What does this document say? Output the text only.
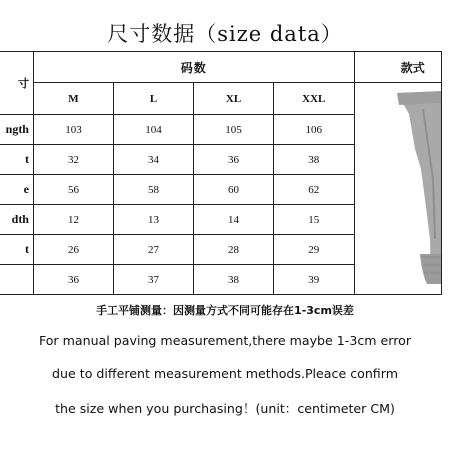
尺寸数据（size data）
寸	码数				款式
	M	L	XL	XXL	

ngth	103	104	105	106	
t	32	34	36	38	
e	56	58	60	62	
dth	12	13	14	15	
t	26	27	28	29	
	36	37	38	39	
手工平铺测量：因测量方式不同可能存在1-3cm误差
For manual paving measurement,there maybe 1-3cm error
due to different measurement methods.Pleace confirm
the size when you purchasing！(unit：centimeter CM)
